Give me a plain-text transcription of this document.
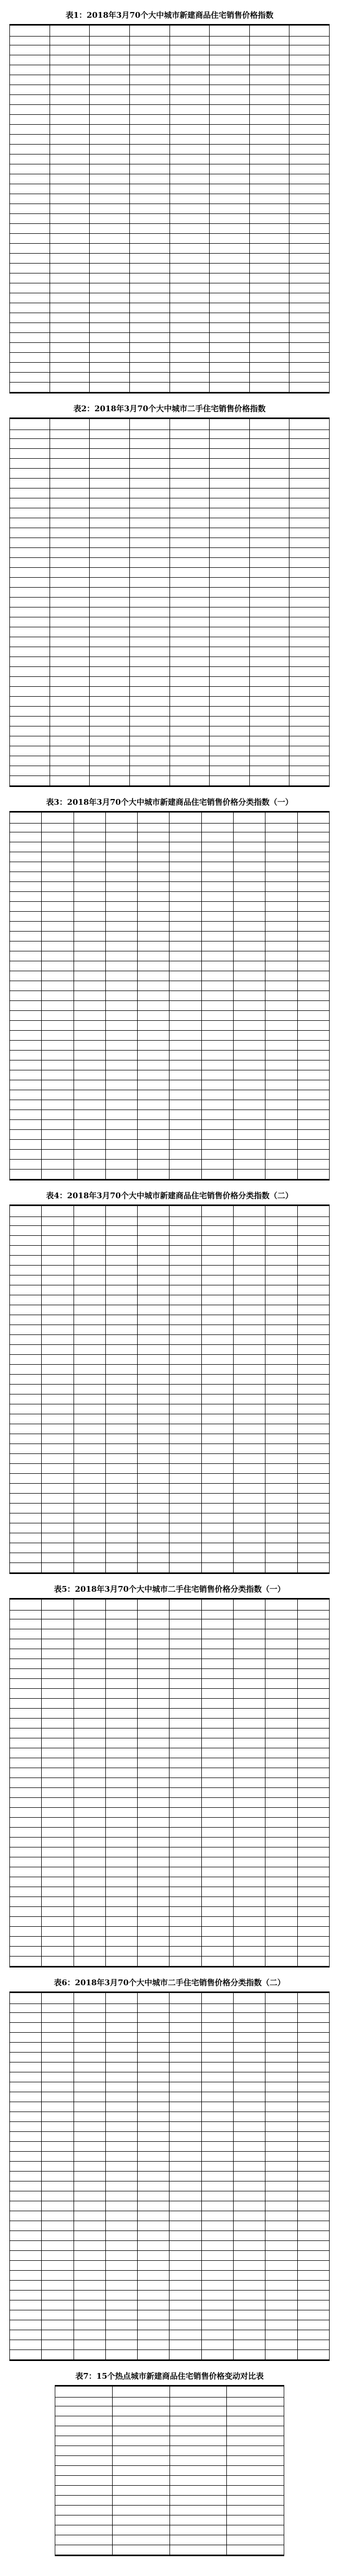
表1：2018年3月70个大中城市新建商品住宅销售价格指数

表2：2018年3月70个大中城市二手住宅销售价格指数

表3：2018年3月70个大中城市新建商品住宅销售价格分类指数（一）

表4：2018年3月70个大中城市新建商品住宅销售价格分类指数（二）

表5：2018年3月70个大中城市二手住宅销售价格分类指数（一）

表6：2018年3月70个大中城市二手住宅销售价格分类指数（二）

表7：15个热点城市新建商品住宅销售价格变动对比表
